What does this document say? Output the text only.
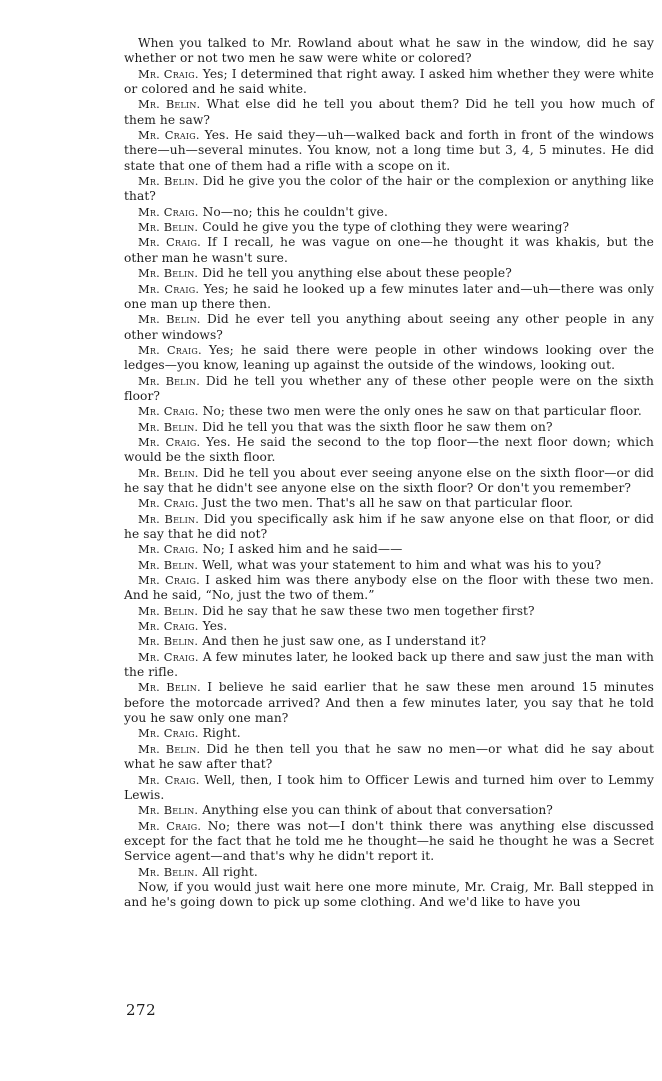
When you talked to Mr. Rowland about what he saw in the window, did he say whether or not two men he saw were white or colored?

Mr. Craig. Yes; I determined that right away. I asked him whether they were white or colored and he said white.

Mr. Belin. What else did he tell you about them? Did he tell you how much of them he saw?

Mr. Craig. Yes. He said they—uh—walked back and forth in front of the windows there—uh—several minutes. You know, not a long time but 3, 4, 5 minutes. He did state that one of them had a rifle with a scope on it.

Mr. Belin. Did he give you the color of the hair or the complexion or anything like that?

Mr. Craig. No—no; this he couldn't give.

Mr. Belin. Could he give you the type of clothing they were wearing?

Mr. Craig. If I recall, he was vague on one—he thought it was khakis, but the other man he wasn't sure.

Mr. Belin. Did he tell you anything else about these people?

Mr. Craig. Yes; he said he looked up a few minutes later and—uh—there was only one man up there then.

Mr. Belin. Did he ever tell you anything about seeing any other people in any other windows?

Mr. Craig. Yes; he said there were people in other windows looking over the ledges—you know, leaning up against the outside of the windows, looking out.

Mr. Belin. Did he tell you whether any of these other people were on the sixth floor?

Mr. Craig. No; these two men were the only ones he saw on that particular floor.

Mr. Belin. Did he tell you that was the sixth floor he saw them on?

Mr. Craig. Yes. He said the second to the top floor—the next floor down; which would be the sixth floor.

Mr. Belin. Did he tell you about ever seeing anyone else on the sixth floor—or did he say that he didn't see anyone else on the sixth floor? Or don't you remember?

Mr. Craig. Just the two men. That's all he saw on that particular floor.

Mr. Belin. Did you specifically ask him if he saw anyone else on that floor, or did he say that he did not?

Mr. Craig. No; I asked him and he said——

Mr. Belin. Well, what was your statement to him and what was his to you?

Mr. Craig. I asked him was there anybody else on the floor with these two men. And he said, “No, just the two of them.”

Mr. Belin. Did he say that he saw these two men together first?

Mr. Craig. Yes.

Mr. Belin. And then he just saw one, as I understand it?

Mr. Craig. A few minutes later, he looked back up there and saw just the man with the rifle.

Mr. Belin. I believe he said earlier that he saw these men around 15 minutes before the motorcade arrived? And then a few minutes later, you say that he told you he saw only one man?

Mr. Craig. Right.

Mr. Belin. Did he then tell you that he saw no men—or what did he say about what he saw after that?

Mr. Craig. Well, then, I took him to Officer Lewis and turned him over to Lemmy Lewis.

Mr. Belin. Anything else you can think of about that conversation?

Mr. Craig. No; there was not—I don't think there was anything else discussed except for the fact that he told me he thought—he said he thought he was a Secret Service agent—and that's why he didn't report it.

Mr. Belin. All right.

Now, if you would just wait here one more minute, Mr. Craig, Mr. Ball stepped in and he's going down to pick up some clothing. And we'd like to have you

272
